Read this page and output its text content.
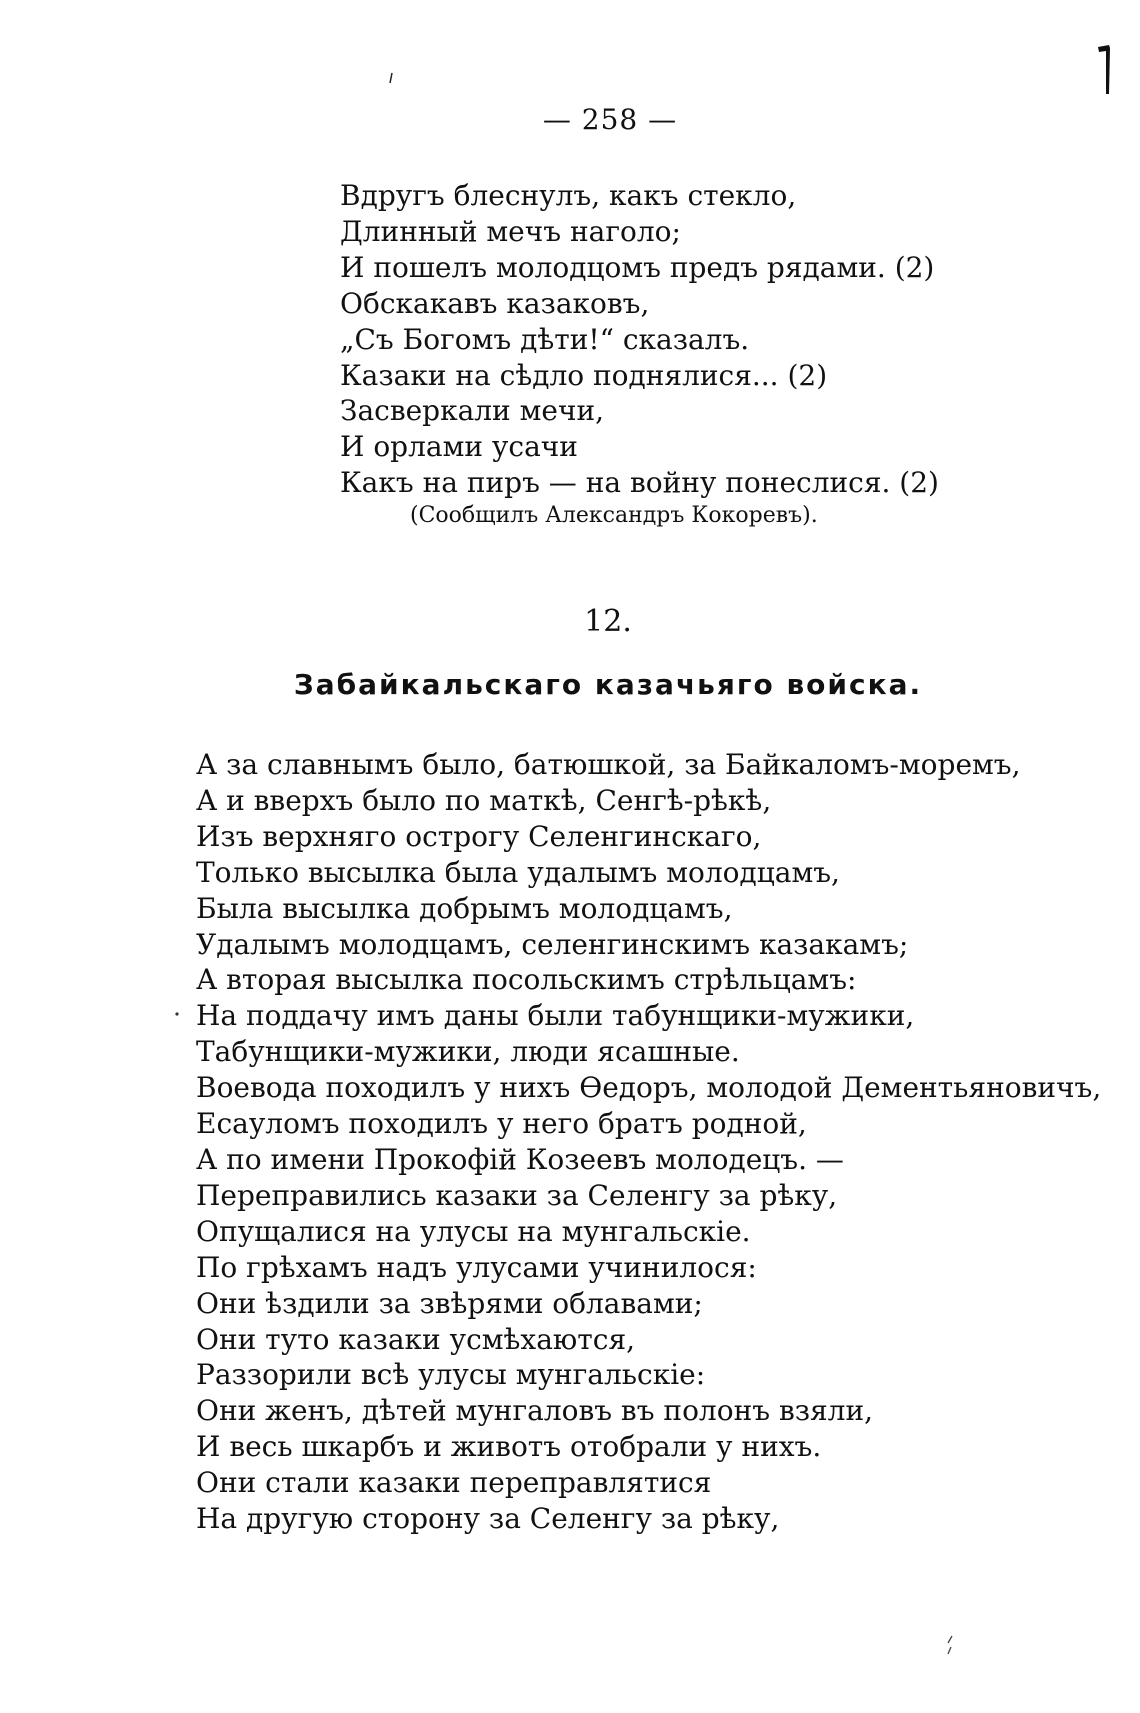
— 258 —
Вдругъ блеснулъ, какъ стекло,
Длинный мечъ наголо;
И пошелъ молодцомъ предъ рядами. (2)
Обскакавъ казаковъ,
„Съ Богомъ дѣти!“ сказалъ.
Казаки на сѣдло поднялися... (2)
Засверкали мечи,
И орлами усачи
Какъ на пиръ — на войну понеслися. (2)
(Сообщилъ Александръ Кокоревъ).
12.
Забайкальскаго казачьяго войска.
А за славнымъ было, батюшкой, за Байкаломъ-моремъ,
А и вверхъ было по маткѣ, Сенгѣ-рѣкѣ,
Изъ верхняго острогу Селенгинскаго,
Только высылка была удалымъ молодцамъ,
Была высылка добрымъ молодцамъ,
Удалымъ молодцамъ, селенгинскимъ казакамъ;
А вторая высылка посольскимъ стрѣльцамъ:
На поддачу имъ даны были табунщики-мужики,
Табунщики-мужики, люди ясашные.
Воевода походилъ у нихъ Өедоръ, молодой Дементьяновичъ,
Есауломъ походилъ у него братъ родной,
А по имени Прокофiй Козеевъ молодецъ. —
Переправились казаки за Селенгу за рѣку,
Опущалися на улусы на мунгальскiе.
По грѣхамъ надъ улусами учинилося:
Они ѣздили за звѣрями облавами;
Они туто казаки усмѣхаются,
Раззорили всѣ улусы мунгальскiе:
Они женъ, дѣтей мунгаловъ въ полонъ взяли,
И весь шкарбъ и животъ отобрали у нихъ.
Они стали казаки переправлятися
На другую сторону за Селенгу за рѣку,
